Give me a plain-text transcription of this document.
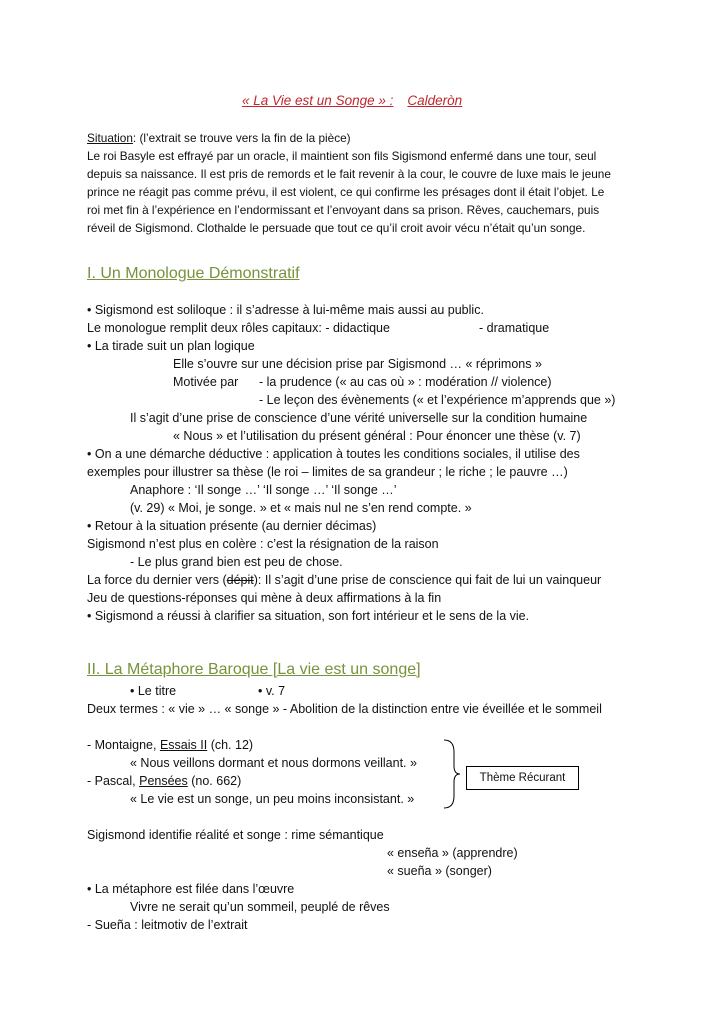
« La Vie est un Songe » : Calderòn
Situation: (l’extrait se trouve vers la fin de la pièce)
Le roi Basyle est effrayé par un oracle, il maintient son fils Sigismond enfermé dans une tour, seul
depuis sa naissance. Il est pris de remords et le fait revenir à la cour, le couvre de luxe mais le jeune
prince ne réagit pas comme prévu, il est violent, ce qui confirme les présages dont il était l’objet. Le
roi met fin à l’expérience en l’endormissant et l’envoyant dans sa prison. Rêves, cauchemars, puis
réveil de Sigismond. Clothalde le persuade que tout ce qu’il croit avoir vécu n’était qu’un songe.
I. Un Monologue Démonstratif
• Sigismond est soliloque : il s’adresse à lui-même mais aussi au public.
Le monologue remplit deux rôles capitaux: - didactique	- dramatique
• La tirade suit un plan logique
Elle s’ouvre sur une décision prise par Sigismond … « réprimons »
Motivée par - la prudence (« au cas où » : modération // violence)
- Le leçon des évènements (« et l’expérience m’apprends que »)
Il s’agit d’une prise de conscience d’une vérité universelle sur la condition humaine
« Nous » et l’utilisation du présent général : Pour énoncer une thèse (v. 7)
• On a une démarche déductive : application à toutes les conditions sociales, il utilise des
exemples pour illustrer sa thèse (le roi – limites de sa grandeur ; le riche ; le pauvre …)
Anaphore : ‘Il songe …’ ‘Il songe …’ ‘Il songe …’
(v. 29) « Moi, je songe. » et « mais nul ne s’en rend compte. »
• Retour à la situation présente (au dernier décimas)
Sigismond n’est plus en colère : c’est la résignation de la raison
- Le plus grand bien est peu de chose.
La force du dernier vers (dépit): Il s’agit d’une prise de conscience qui fait de lui un vainqueur
Jeu de questions-réponses qui mène à deux affirmations à la fin
• Sigismond a réussi à clarifier sa situation, son fort intérieur et le sens de la vie.
II. La Métaphore Baroque [La vie est un songe]
• Le titre	• v. 7
Deux termes : « vie » … « songe » - Abolition de la distinction entre vie éveillée et le sommeil
- Montaigne, Essais II (ch. 12)
« Nous veillons dormant et nous dormons veillant. »
- Pascal, Pensées (no. 662)
« Le vie est un songe, un peu moins inconsistant. »
Thème Récurant
Sigismond identifie réalité et songe : rime sémantique
« enseña » (apprendre)
« sueña » (songer)
• La métaphore est filée dans l’œuvre
Vivre ne serait qu’un sommeil, peuplé de rêves
- Sueña : leitmotiv de l’extrait
